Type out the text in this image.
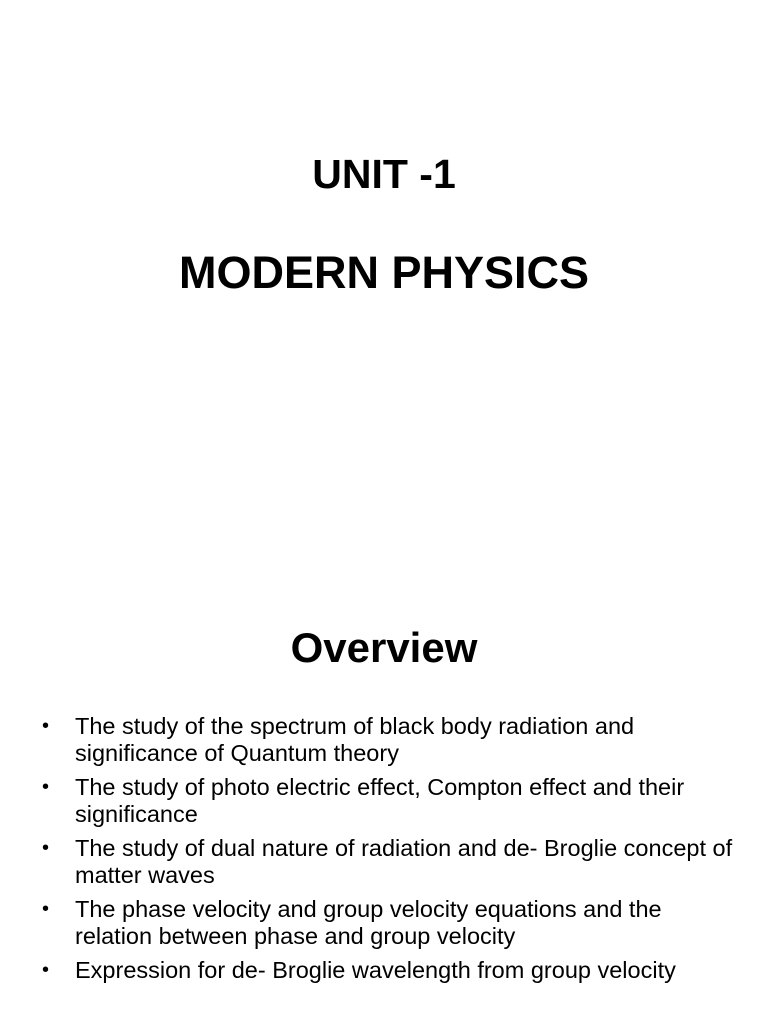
UNIT -1
MODERN PHYSICS
Overview
• The study of the spectrum of black body radiation and significance of Quantum theory
• The study of photo electric effect, Compton effect and their significance
• The study of dual nature of radiation and de- Broglie concept of matter waves
• The phase velocity and group velocity equations and the relation between phase and group velocity
• Expression for de- Broglie wavelength from group velocity
